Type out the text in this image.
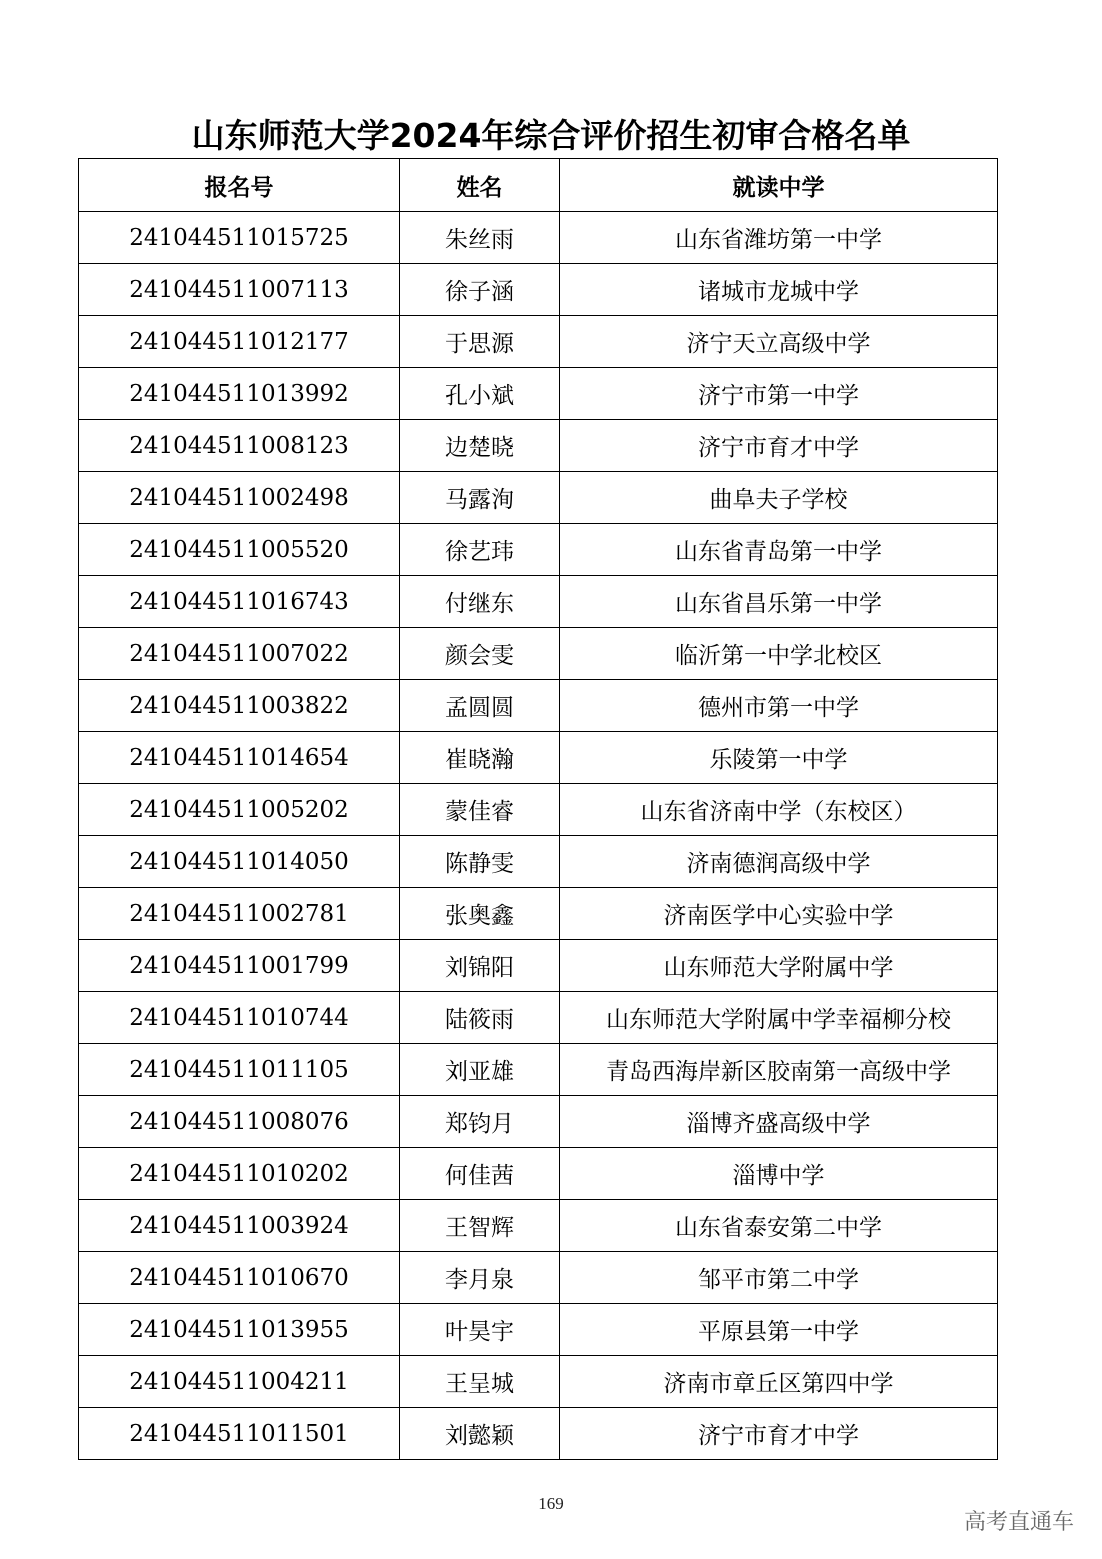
山东师范大学2024年综合评价招生初审合格名单
报名号	姓名	就读中学
241044511015725	朱丝雨	山东省潍坊第一中学
241044511007113	徐子涵	诸城市龙城中学
241044511012177	于思源	济宁天立高级中学
241044511013992	孔小斌	济宁市第一中学
241044511008123	边楚晓	济宁市育才中学
241044511002498	马露洵	曲阜夫子学校
241044511005520	徐艺玮	山东省青岛第一中学
241044511016743	付继东	山东省昌乐第一中学
241044511007022	颜会雯	临沂第一中学北校区
241044511003822	孟圆圆	德州市第一中学
241044511014654	崔晓瀚	乐陵第一中学
241044511005202	蒙佳睿	山东省济南中学（东校区）
241044511014050	陈静雯	济南德润高级中学
241044511002781	张奥鑫	济南医学中心实验中学
241044511001799	刘锦阳	山东师范大学附属中学
241044511010744	陆筱雨	山东师范大学附属中学幸福柳分校
241044511011105	刘亚雄	青岛西海岸新区胶南第一高级中学
241044511008076	郑钧月	淄博齐盛高级中学
241044511010202	何佳茜	淄博中学
241044511003924	王智辉	山东省泰安第二中学
241044511010670	李月泉	邹平市第二中学
241044511013955	叶昊宇	平原县第一中学
241044511004211	王呈城	济南市章丘区第四中学
241044511011501	刘懿颖	济宁市育才中学
169
高考直通车
